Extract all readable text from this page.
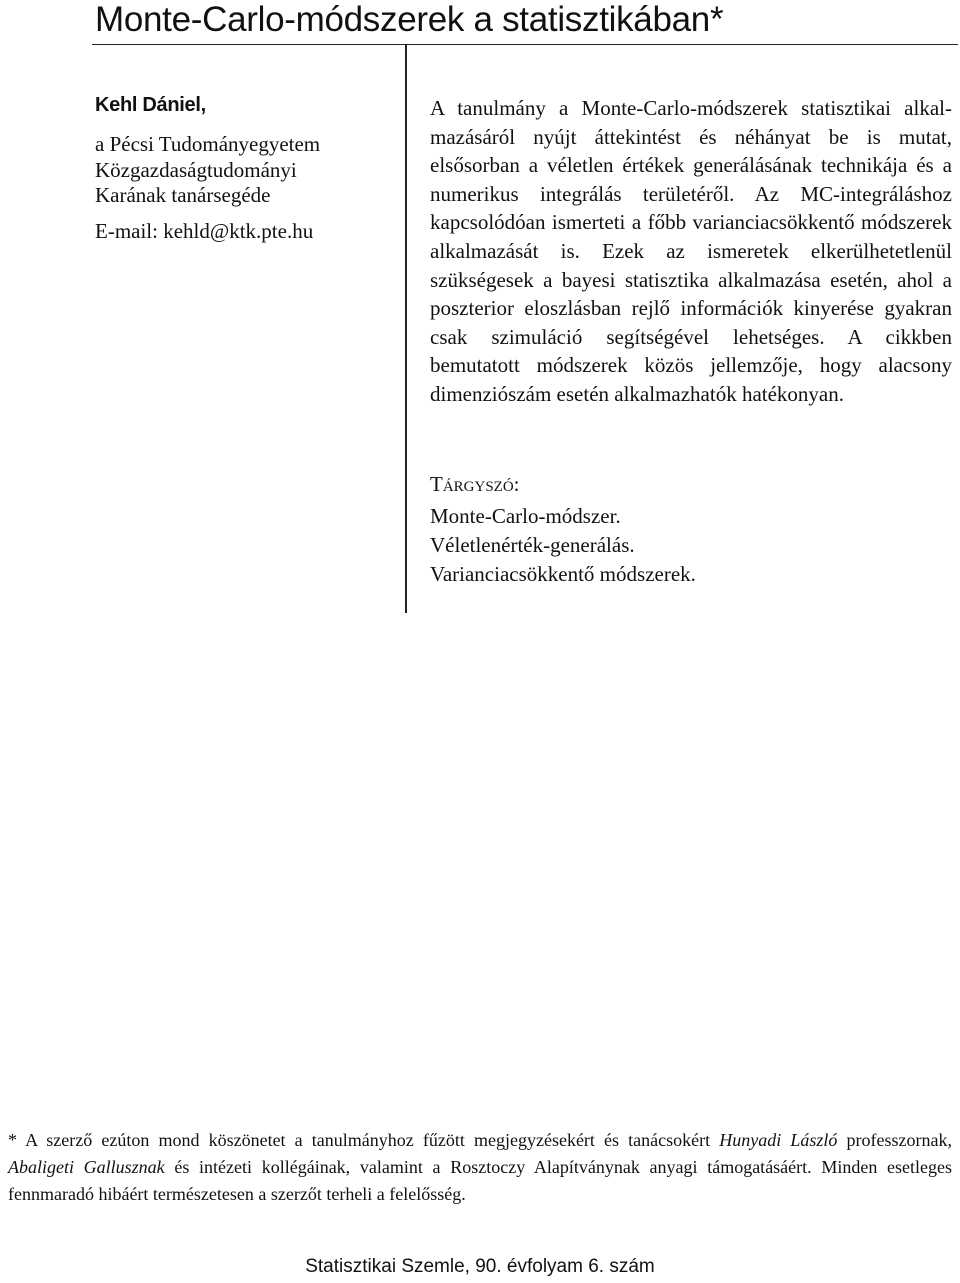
Monte-Carlo-módszerek a statisztikában*
Kehl Dániel,
a Pécsi Tudományegyetem
Közgazdaságtudományi
Karának tanársegéde
E-mail: kehld@ktk.pte.hu
A tanulmány a Monte-Carlo-módszerek statisztikai alkalmazásáról nyújt áttekintést és néhányat be is mutat, elsősorban a véletlen értékek generálásának technikája és a numerikus integrálás területéről. Az MC-integráláshoz kapcsolódóan ismerteti a főbb varianciacsökkentő módszerek alkalmazását is. Ezek az ismeretek elkerülhetetlenül szükségesek a bayesi statisztika alkalmazása esetén, ahol a poszterior eloszlásban rejlő információk kinyerése gyakran csak szimuláció segítségével lehetséges. A cikkben bemutatott módszerek közös jellemzője, hogy alacsony dimenziószám esetén alkalmazhatók hatékonyan.
Tárgyszó:
Monte-Carlo-módszer.
Véletlenérték-generálás.
Varianciacsökkentő módszerek.
* A szerző ezúton mond köszönetet a tanulmányhoz fűzött megjegyzésekért és tanácsokért Hunyadi László professzornak, Abaligeti Gallusznak és intézeti kollégáinak, valamint a Rosztoczy Alapítványnak anyagi támogatásáért. Minden esetleges fennmaradó hibáért természetesen a szerzőt terheli a felelősség.
Statisztikai Szemle, 90. évfolyam 6. szám
